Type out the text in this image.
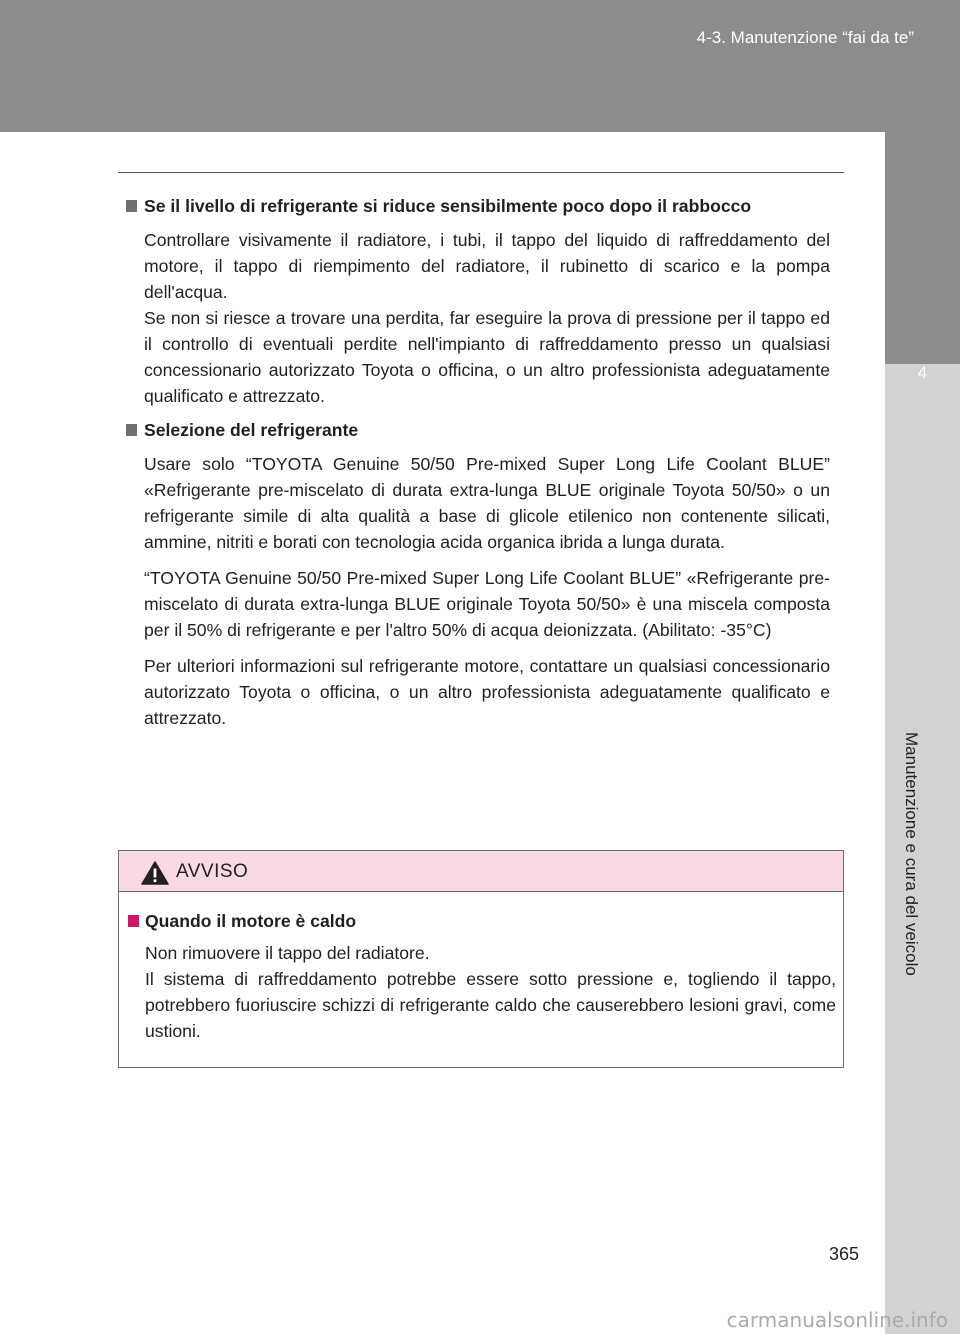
4-3. Manutenzione “fai da te”
4
Manutenzione e cura del veicolo
Se il livello di refrigerante si riduce sensibilmente poco dopo il rabbocco

Controllare visivamente il radiatore, i tubi, il tappo del liquido di raffreddamento del motore, il tappo di riempimento del radiatore, il rubinetto di scarico e la pompa dell'acqua.

Se non si riesce a trovare una perdita, far eseguire la prova di pressione per il tappo ed il controllo di eventuali perdite nell'impianto di raffreddamento presso un qualsiasi concessionario autorizzato Toyota o officina, o un altro professionista adeguatamente qualificato e attrezzato.

Selezione del refrigerante

Usare solo “TOYOTA Genuine 50/50 Pre-mixed Super Long Life Coolant BLUE” «Refrigerante pre-miscelato di durata extra-lunga BLUE originale Toyota 50/50» o un refrigerante simile di alta qualità a base di glicole etilenico non contenente silicati, ammine, nitriti e borati con tecnologia acida organica ibrida a lunga durata.

“TOYOTA Genuine 50/50 Pre-mixed Super Long Life Coolant BLUE” «Refrigerante pre-miscelato di durata extra-lunga BLUE originale Toyota 50/50» è una miscela composta per il 50% di refrigerante e per l'altro 50% di acqua deionizzata. (Abilitato: -35°C)

Per ulteriori informazioni sul refrigerante motore, contattare un qualsiasi concessionario autorizzato Toyota o officina, o un altro professionista adeguatamente qualificato e attrezzato.

AVVISO
Quando il motore è caldo

Non rimuovere il tappo del radiatore.

Il sistema di raffreddamento potrebbe essere sotto pressione e, togliendo il tappo, potrebbero fuoriuscire schizzi di refrigerante caldo che causerebbero lesioni gravi, come ustioni.

365
carmanualsonline.info
